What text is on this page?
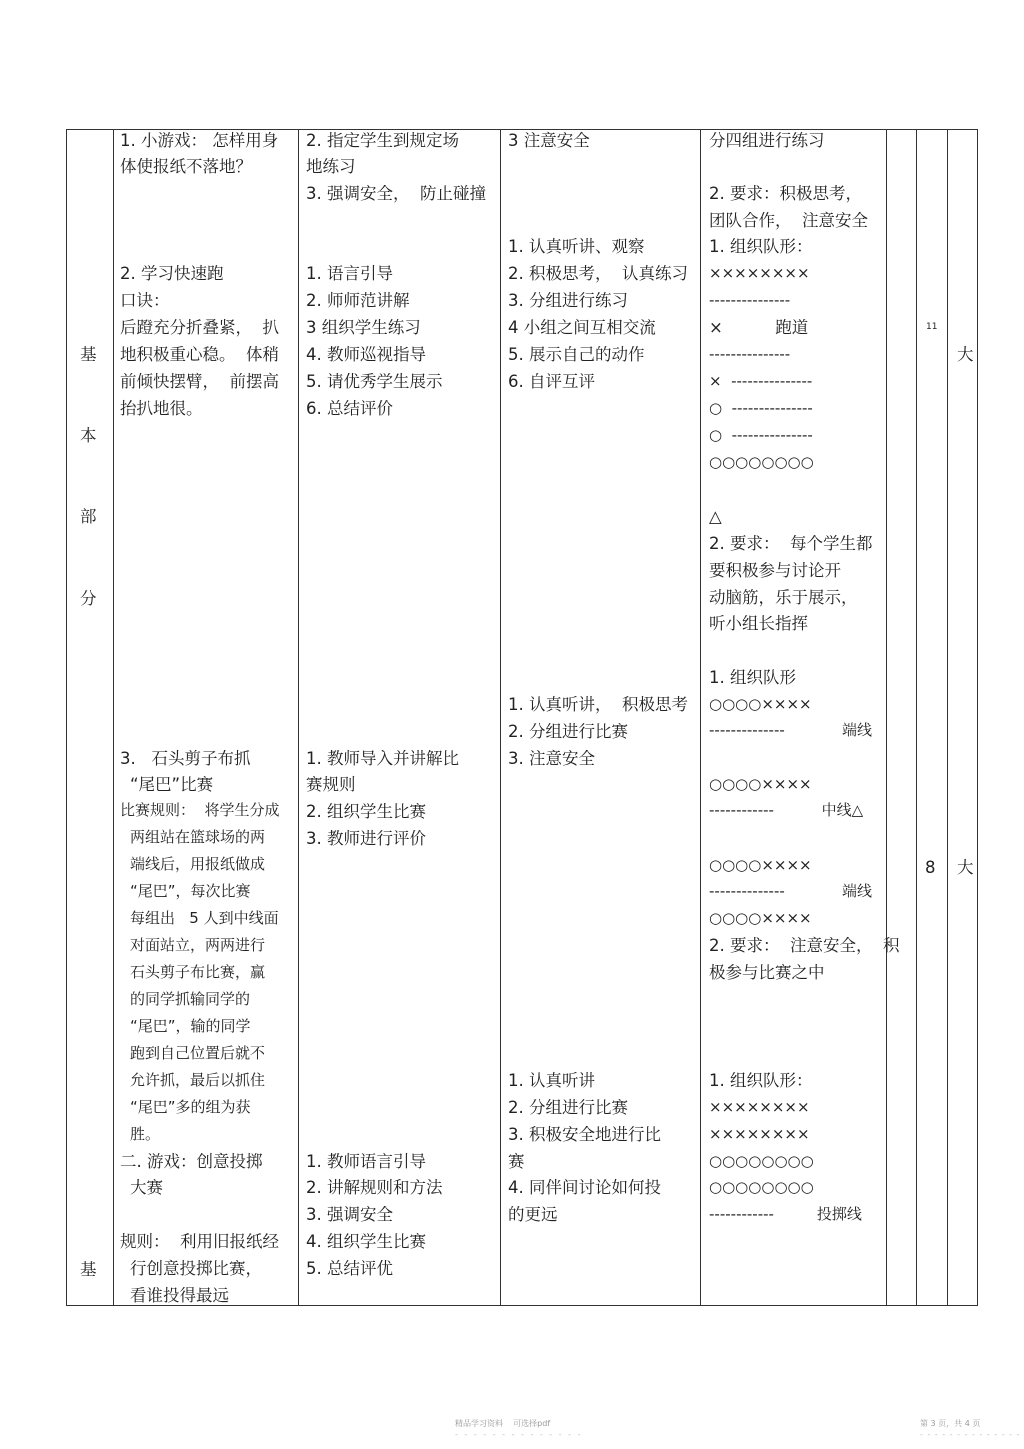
基
本
部
分
基
1. 小游戏： 怎样用身
体使报纸不落地？
2. 学习快速跑
口诀：
后蹬充分折叠紧，  扒
地积极重心稳。  体稍
前倾快摆臂，  前摆高
抬扒地很。
3.   石头剪子布抓
“尾巴”比赛
比赛规则：  将学生分成
两组站在篮球场的两
端线后，用报纸做成
“尾巴”，每次比赛
每组出   5 人到中线面
对面站立，两两进行
石头剪子布比赛，赢
的同学抓输同学的
“尾巴”，输的同学
跑到自己位置后就不
允许抓，最后以抓住
“尾巴”多的组为获
胜。
二. 游戏：创意投掷
大赛
规则：  利用旧报纸经
行创意投掷比赛，
看谁投得最远
2. 指定学生到规定场
地练习
3. 强调安全，  防止碰撞
1. 语言引导
2. 师师范讲解
3 组织学生练习
4. 教师巡视指导
5. 请优秀学生展示
6. 总结评价
1. 教师导入并讲解比
赛规则
2. 组织学生比赛
3. 教师进行评价
1. 教师语言引导
2. 讲解规则和方法
3. 强调安全
4. 组织学生比赛
5. 总结评优
3 注意安全
1. 认真听讲、观察
2. 积极思考，  认真练习
3. 分组进行练习
4 小组之间互相交流
5. 展示自己的动作
6. 自评互评
1. 认真听讲，  积极思考
2. 分组进行比赛
3. 注意安全
1. 认真听讲
2. 分组进行比赛
3. 积极安全地进行比
赛
4. 同伴间讨论如何投
的更远
分四组进行练习
2. 要求：积极思考，
团队合作，  注意安全
1. 组织队形：
××××××××
---------------
×          跑道
---------------
×  ---------------
○  ---------------
○  ---------------
○○○○○○○○
△
2. 要求：  每个学生都
要积极参与讨论开
动脑筋，乐于展示，
听小组长指挥
1. 组织队形
○○○○××××
--------------            端线
○○○○××××
------------          中线△
○○○○××××
--------------            端线
○○○○××××
2. 要求：  注意安全，  积
极参与比赛之中
1. 组织队形：
××××××××
××××××××
○○○○○○○○
○○○○○○○○
------------         投掷线
11
8
大
大
精品学习资料    可选择pdf	第 3 页，共 4 页
- - - - - - - - - - - - - -	- - - - - - - - - - - - - -
